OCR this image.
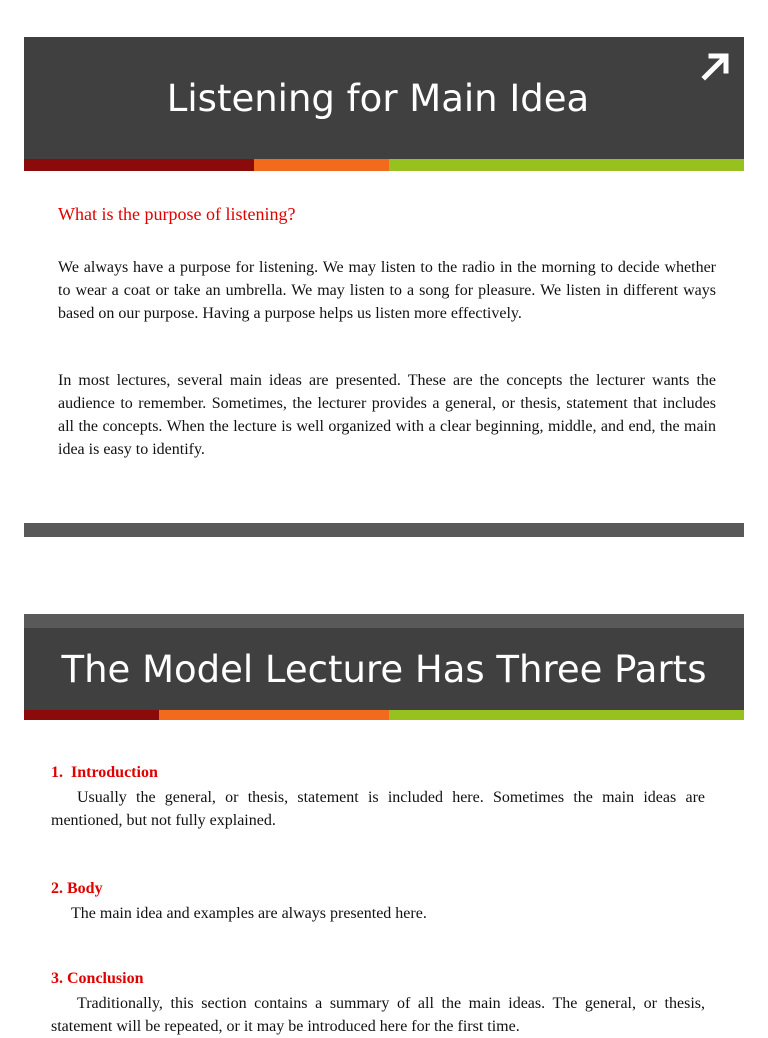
Listening for Main Idea
What is the purpose of listening?

We always have a purpose for listening. We may listen to the radio in the morning to decide whether to wear a coat or take an umbrella. We may listen to a song for pleasure. We listen in different ways based on our purpose. Having a purpose helps us listen more effectively.

In most lectures, several main ideas are presented. These are the concepts the lecturer wants the audience to remember. Sometimes, the lecturer provides a general, or thesis, statement that includes all the concepts. When the lecture is well organized with a clear beginning, middle, and end, the main idea is easy to identify.

The Model Lecture Has Three Parts
1.  Introduction

Usually the general, or thesis, statement is included here. Sometimes the main ideas are mentioned, but not fully explained.

2. Body

The main idea and examples are always presented here.

3. Conclusion

Traditionally, this section contains a summary of all the main ideas. The general, or thesis, statement will be repeated, or it may be introduced here for the first time.
